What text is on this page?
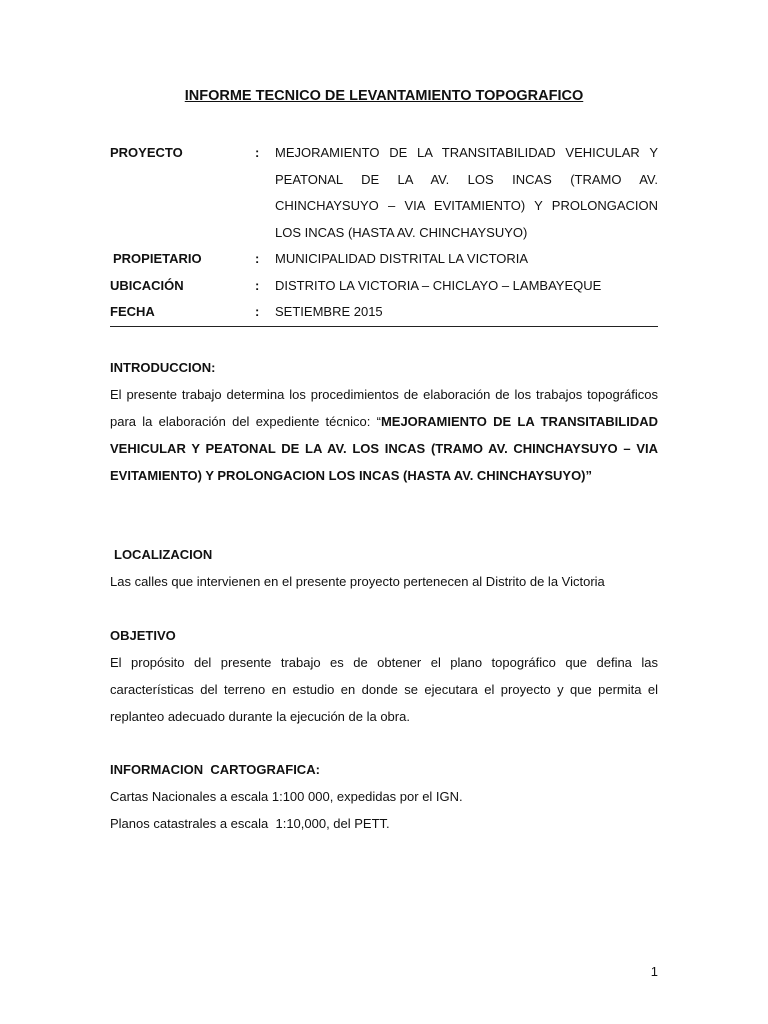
INFORME TECNICO DE LEVANTAMIENTO TOPOGRAFICO
PROYECTO	:	MEJORAMIENTO DE LA TRANSITABILIDAD VEHICULAR Y PEATONAL DE LA AV. LOS INCAS (TRAMO AV. CHINCHAYSUYO – VIA EVITAMIENTO) Y PROLONGACION LOS INCAS (HASTA AV. CHINCHAYSUYO)
PROPIETARIO	:	MUNICIPALIDAD DISTRITAL LA VICTORIA
UBICACIÓN	:	DISTRITO LA VICTORIA – CHICLAYO – LAMBAYEQUE
FECHA	:	SETIEMBRE 2015
INTRODUCCION:
El presente trabajo determina los procedimientos de elaboración de los trabajos topográficos para la elaboración del expediente técnico: “MEJORAMIENTO DE LA TRANSITABILIDAD VEHICULAR Y PEATONAL DE LA AV. LOS INCAS (TRAMO AV. CHINCHAYSUYO – VIA EVITAMIENTO) Y PROLONGACION LOS INCAS (HASTA AV. CHINCHAYSUYO)”
LOCALIZACION
Las calles que intervienen en el presente proyecto pertenecen al Distrito de la Victoria
OBJETIVO
El propósito del presente trabajo es de obtener el plano topográfico que defina las características del terreno en estudio en donde se ejecutara el proyecto y que permita el replanteo adecuado durante la ejecución de la obra.
INFORMACION  CARTOGRAFICA:
Cartas Nacionales a escala 1:100 000, expedidas por el IGN.
Planos catastrales a escala  1:10,000, del PETT.
1
